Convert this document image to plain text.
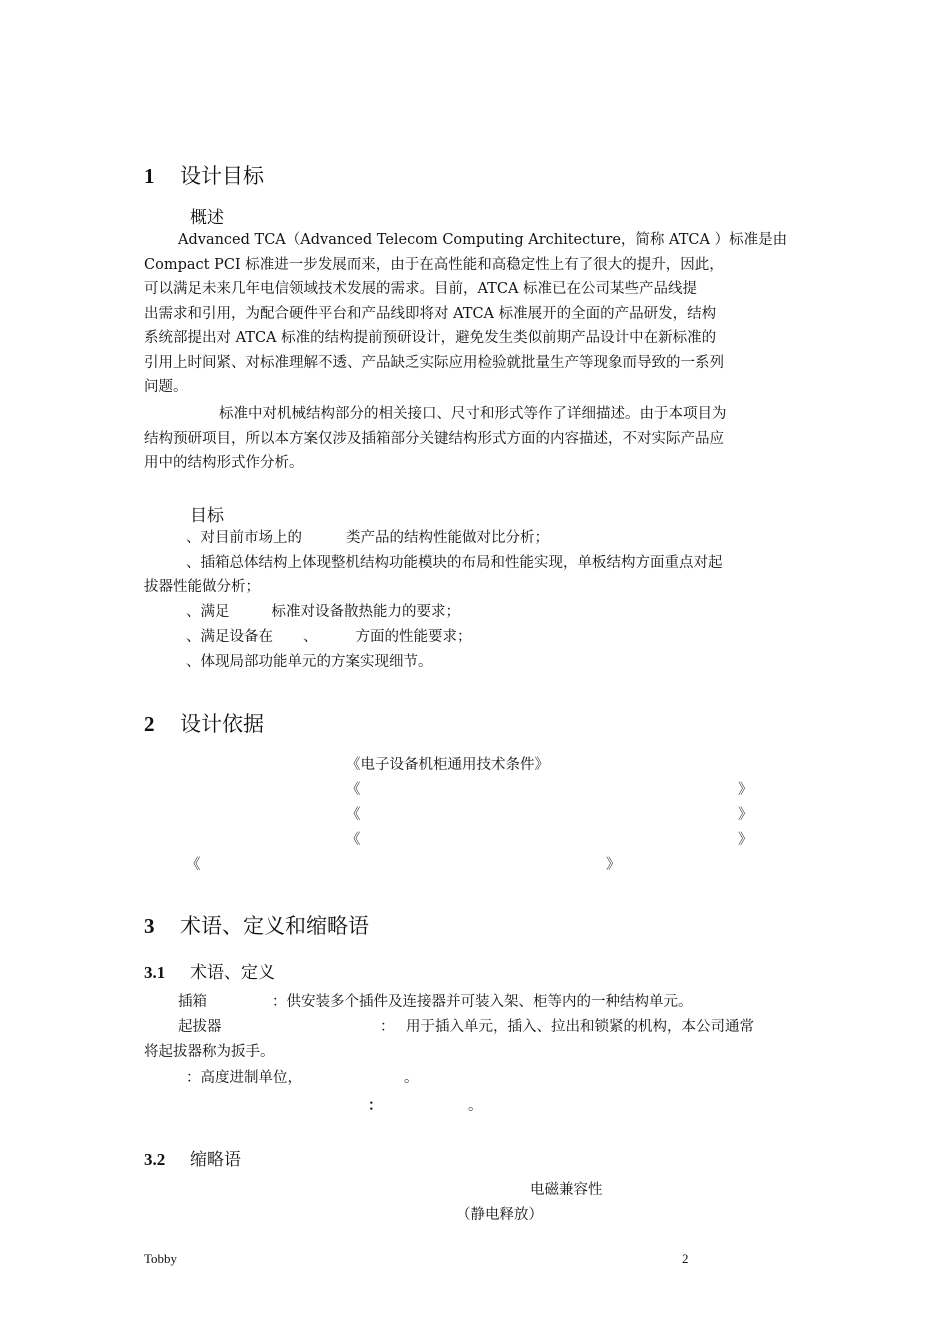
1 设计目标
概述
Advanced TCA（Advanced Telecom Computing Architecture，简称 ATCA ）标准是由
Compact PCI 标准进一步发展而来，由于在高性能和高稳定性上有了很大的提升，因此，
可以满足未来几年电信领域技术发展的需求。目前，ATCA 标准已在公司某些产品线提
出需求和引用，为配合硬件平台和产品线即将对 ATCA 标准展开的全面的产品研发，结构
系统部提出对 ATCA 标准的结构提前预研设计，避免发生类似前期产品设计中在新标准的
引用上时间紧、对标准理解不透、产品缺乏实际应用检验就批量生产等现象而导致的一系列
问题。
标准中对机械结构部分的相关接口、尺寸和形式等作了详细描述。由于本项目为
结构预研项目，所以本方案仅涉及插箱部分关键结构形式方面的内容描述，不对实际产品应
用中的结构形式作分析。
目标
、对目前市场上的	类产品的结构性能做对比分析；
、插箱总体结构上体现整机结构功能模块的布局和性能实现，单板结构方面重点对起
拔器性能做分析；
、满足	标准对设备散热能力的要求；
、满足设备在 、	方面的性能要求；
、体现局部功能单元的方案实现细节。
2 设计依据
《电子设备机柜通用技术条件》
《	》
《	》
《	》
《	》
3 术语、定义和缩略语
3.1 术语、定义
插箱	：供安装多个插件及连接器并可装入架、柜等内的一种结构单元。
起拔器	： 用于插入单元，插入、拉出和锁紧的机构，本公司通常
将起拔器称为扳手。
：高度进制单位，	。
：	。
3.2 缩略语
电磁兼容性
（静电释放）
Tobby	2
